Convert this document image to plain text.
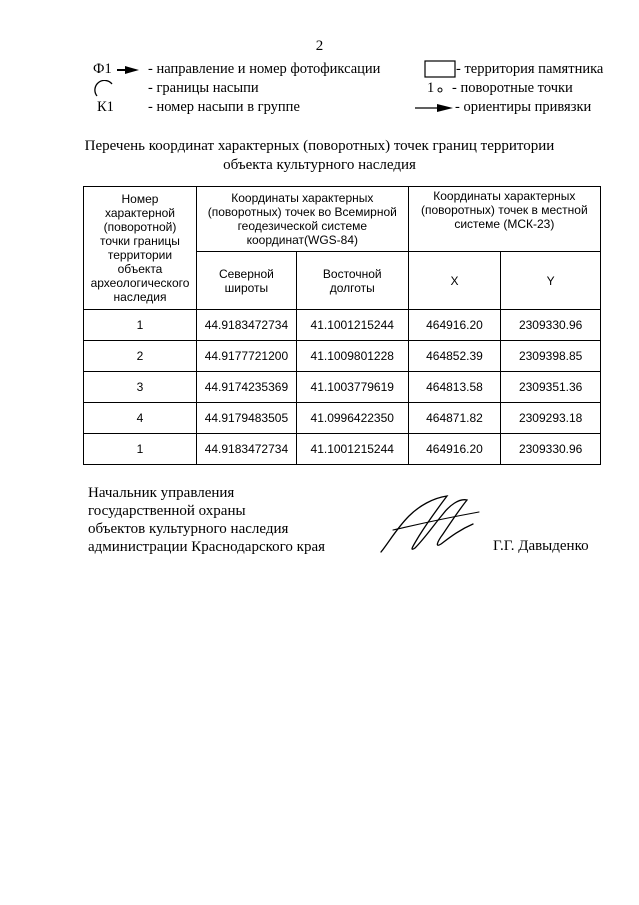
2
Ф1	- направление и номер фотофиксации	- территория памятника
- границы насыпи	1 - поворотные точки
К1 - номер насыпи в группе	- ориентиры привязки
Перечень координат характерных (поворотных) точек границ территории
объекта культурного наследия
Номер характерной (поворотной) точки границы территории объекта археологического наследия	Координаты характерных (поворотных) точек во Всемирной геодезической системе координат(WGS-84)		Координаты характерных (поворотных) точек в местной системе (МСК-23)	
	Северной широты	Восточной долготы	X	Y
1	44.9183472734	41.1001215244	464916.20	2309330.96
2	44.9177721200	41.1009801228	464852.39	2309398.85
3	44.9174235369	41.1003779619	464813.58	2309351.36
4	44.9179483505	41.0996422350	464871.82	2309293.18
1	44.9183472734	41.1001215244	464916.20	2309330.96
Начальник управления
государственной охраны
объектов культурного наследия
администрации Краснодарского края	Г.Г. Давыденко
